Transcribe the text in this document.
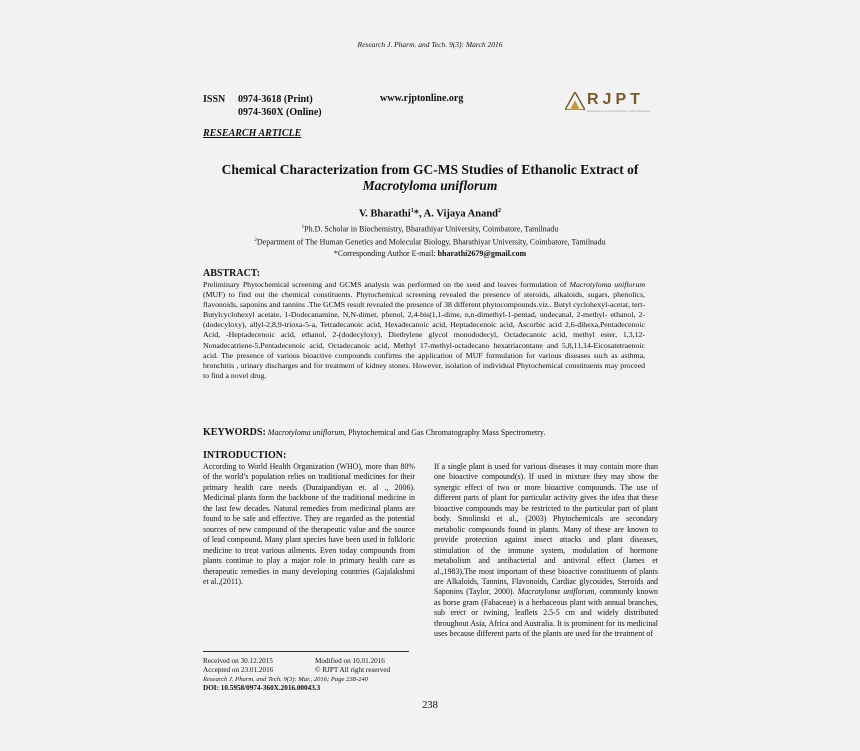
Research J. Pharm. and Tech. 9(3): March 2016
ISSN	0974-3618 (Print)
0974-360X (Online)
www.rjptonline.org	RJPT
Research Journal of Pharmacy and Technology
RESEARCH ARTICLE
Chemical Characterization from GC-MS Studies of Ethanolic Extract of
Macrotyloma uniflorum
V. Bharathi$^1$*, A. Vijaya Anand$^2$
$^1$Ph.D. Scholar in Biochemistry, Bharathiyar University, Coimbatore, Tamilnadu
$^2$Department of The Human Genetics and Molecular Biology, Bharathiyar University, Coimbatore, Tamilnadu
*Corresponding Author E-mail: bharathi2679@gmail.com
ABSTRACT:
Preliminary Phytochemical screening and GCMS analysis was performed on the seed and leaves formulation of Macrotyloma uniflorum (MUF) to find out the chemical constituents. Phytochemical screening revealed the presence of steroids, alkaloids, sugars, phenolics, flavonoids, saponins and tannins .The GCMS result revealed the presence of 38 different phytocompounds.viz.. Butyl cyclohexyl-acetat, tert-Butylcyclohexyl acetate, 1-Dodecanamine, N,N-dimet, phenol, 2,4-bis(1,1-dime, n,n-dimethyl-1-pentad, undecanal, 2-methyl- ethanol, 2-(dodecyloxy), allyl-2,8,9-trioxa-5-a, Tetradecanoic acid, Hexadecanoic acid, Heptadecenoic acid, Ascorbic acid 2,6-dihexa,Pentadecenoic Acid, -Heptadecenoic acid, ethanol, 2-(dodecyloxy), Diethylene glycol monododecyl, Octadecanoic acid, methyl ester, 1,3,12-Nonadecatriene-5,Pentadecenoic acid, Octadecanoic acid, Methyl 17-methyl-octadecano hexatriacontane and 5,8,11,14-Eicosatetraenoic acid. The presence of various bioactive compounds confirms the application of MUF formulation for various diseases such as asthma, bronchitis , urinary discharges and for treatment of kidney stones. However, isolation of individual Phytochemical constituents may proceed to find a novel drug.
KEYWORDS: Macrotyloma uniflorum, Phytochemical and Gas Chromatography Mass Spectrometry.
INTRODUCTION:
According to World Health Organization (WHO), more than 80% of the world’s population relies on traditional medicines for their primary health care needs (Duraipandiyan et. al ., 2006). Medicinal plants form the backbone of the traditional medicine in the last few decades. Natural remedies from medicinal plants are found to be safe and effective. They are regarded as the potential sources of new compound of the therapeutic value and the source of lead compound. Many plant species have been used in folkloric medicine to treat various ailments. Even today compounds from plants continue to play a major role in primary health care as therapeutic remedies in many developing countries (Gajalakshmi et al.,(2011).
If a single plant is used for various diseases it may contain more than one bioactive compound(s). If used in mixture they may show the synergic effect of two or more bioactive compounds. The use of different parts of plant for particular activity gives the idea that these bioactive compounds may be restricted to the particular part of plant body. Smolinski et al., (2003) Phytochemicals are secondary metabolic compounds found in plants. Many of these are known to provide protection against insect attacks and plant diseases, stimulation of the immune system, modulation of hormone metabolism and antibacterial and antiviral effect (James et al.,1983).The most important of these bioactive constituents of plants are Alkaloids, Tannins, Flavonoids, Cardiac glycosides, Steroids and Saponins (Taylor, 2000). Macrotyloma uniflorum, commonly known as horse gram (Fabaceae) is a herbaceous plant with annual branches, sub erect or twining, leaflets 2.5-5 cm and widely distributed throughout Asia, Africa and Australia. It is prominent for its medicinal uses because different parts of the plants are used for the treatment of
Received on 30.12.2015	Modified on 10.01.2016
Accepted on 23.01.2016	© RJPT All right reserved
Research J. Pharm. and Tech. 9(3): Mar., 2016; Page 238-240
DOI: 10.5958/0974-360X.2016.00043.3
238
